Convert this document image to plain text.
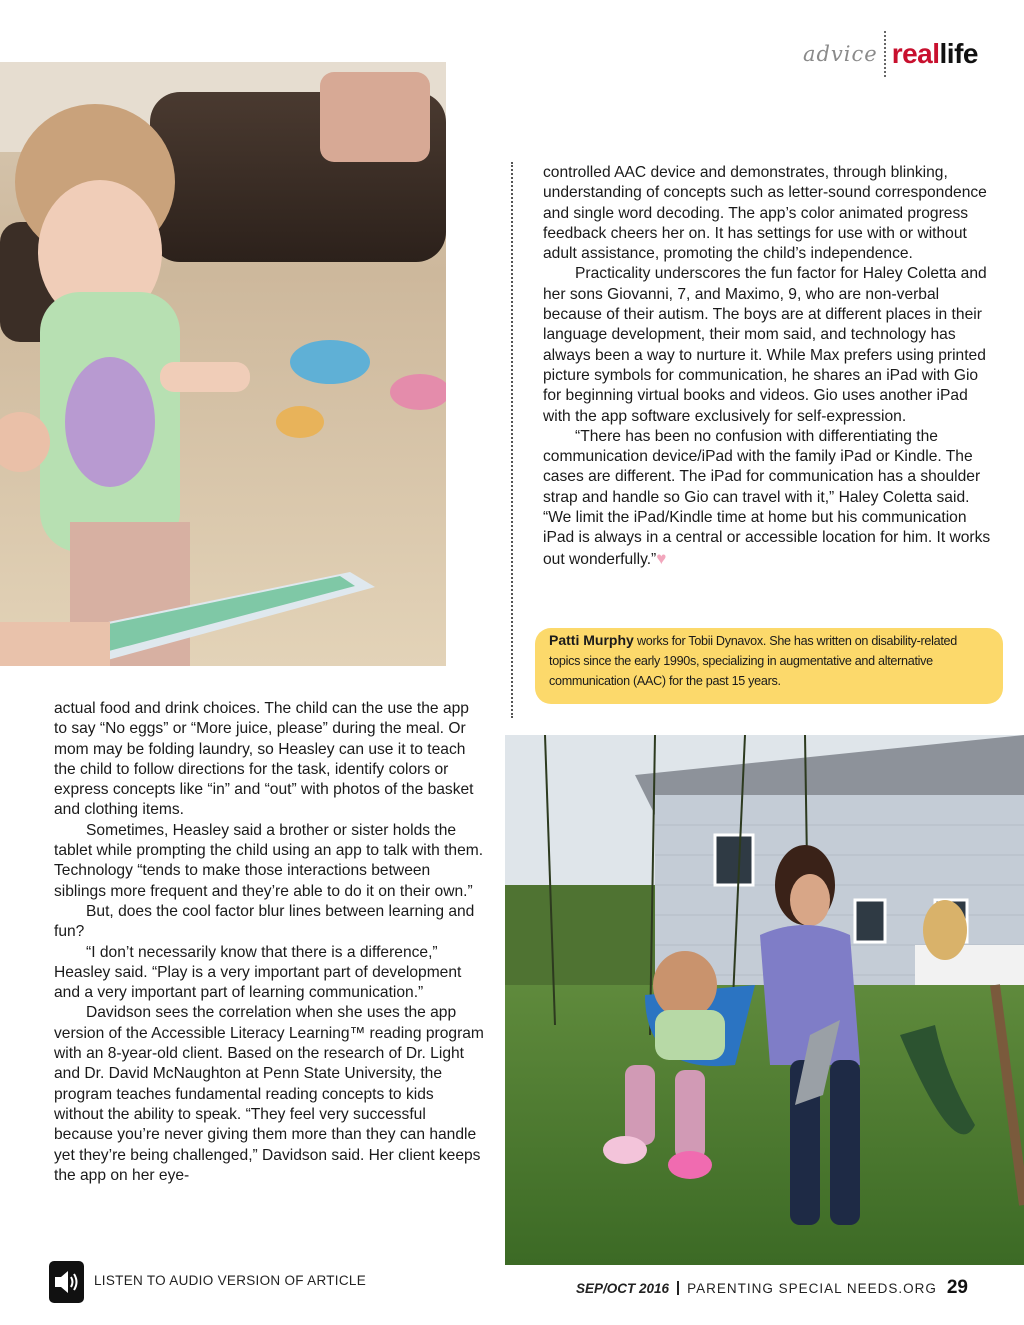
advice real life

controlled AAC device and demonstrates, through blinking, understanding of concepts such as letter-sound correspondence and single word decoding. The app’s color animated progress feedback cheers her on. It has settings for use with or without adult assistance, promoting the child’s independence.

Practicality underscores the fun factor for Haley Coletta and her sons Giovanni, 7, and Maximo, 9, who are non-verbal because of their autism. The boys are at different places in their language development, their mom said, and technology has always been a way to nurture it. While Max prefers using printed picture symbols for communication, he shares an iPad with Gio for beginning virtual books and videos. Gio uses another iPad with the app software exclusively for self-expression.

“There has been no confusion with differentiating the communication device/iPad with the family iPad or Kindle. The cases are different. The iPad for communication has a shoulder strap and handle so Gio can travel with it,” Haley Coletta said. “We limit the iPad/Kindle time at home but his communication iPad is always in a central or accessible location for him. It works out wonderfully.”♥

Patti Murphy works for Tobii Dynavox. She has written on disability-related topics since the early 1990s, specializing in augmentative and alternative communication (AAC) for the past 15 years.

actual food and drink choices. The child can the use the app to say “No eggs” or “More juice, please” during the meal. Or mom may be folding laundry, so Heasley can use it to teach the child to follow directions for the task, identify colors or express concepts like “in” and “out” with photos of the basket and clothing items.

Sometimes, Heasley said a brother or sister holds the tablet while prompting the child using an app to talk with them. Technology “tends to make those interactions between siblings more frequent and they’re able to do it on their own.”

But, does the cool factor blur lines between learning and fun?

“I don’t necessarily know that there is a difference,” Heasley said. “Play is a very important part of development and a very important part of learning communication.”

Davidson sees the correlation when she uses the app version of the Accessible Literacy Learning™ reading program with an 8-year-old client. Based on the research of Dr. Light and Dr. David McNaughton at Penn State University, the program teaches fundamental reading concepts to kids without the ability to speak. “They feel very successful because you’re never giving them more than they can handle yet they’re being challenged,” Davidson said. Her client keeps the app on her eye-

LISTEN TO AUDIO VERSION OF ARTICLE	SEP/OCT 2016 PARENTING SPECIAL NEEDS.ORG 29
